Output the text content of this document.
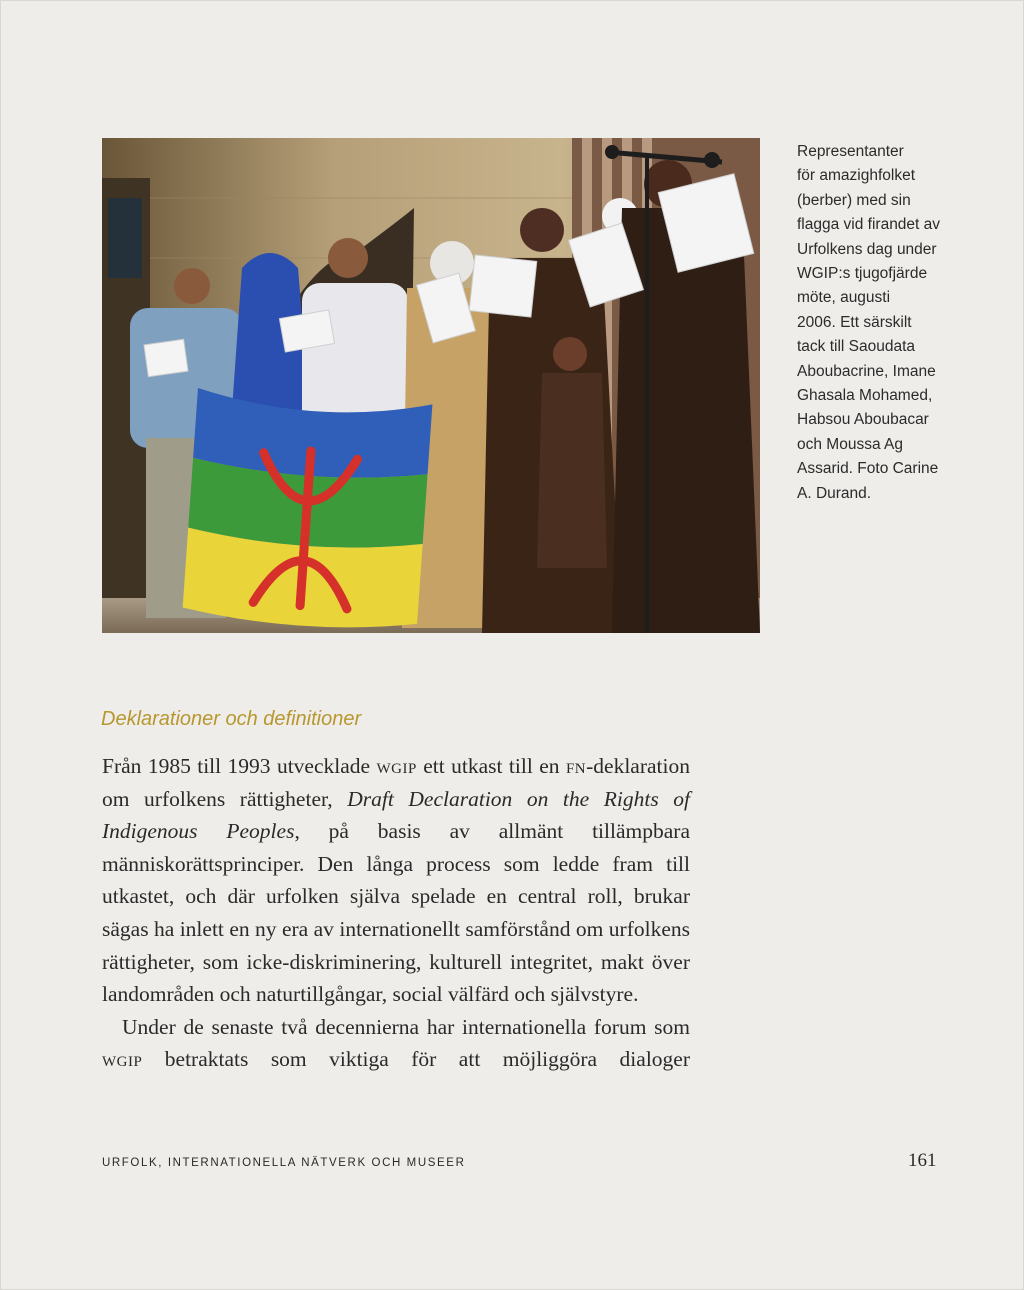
Representanter
för amazighfolket
(berber) med sin
flagga vid firandet av
Urfolkens dag under
WGIP:s tjugofjärde
möte, augusti
2006. Ett särskilt
tack till Saoudata
Aboubacrine, Imane
Ghasala Mohamed,
Habsou Aboubacar
och Moussa Ag
Assarid. Foto Carine
A. Durand.
Deklarationer och definitioner

Från 1985 till 1993 utvecklade wgip ett utkast till en fn-deklaration om urfolkens rättigheter, Draft Declaration on the Rights of Indigenous Peoples, på basis av allmänt tillämpbara människorättsprinciper. Den långa process som ledde fram till utkastet, och där urfolken själva spelade en central roll, brukar sägas ha inlett en ny era av internationellt samförstånd om urfolkens rättigheter, som icke-diskriminering, kulturell integritet, makt över landområden och naturtillgångar, social välfärd och självstyre.

Under de senaste två decennierna har internationella forum som wgip betraktats som viktiga för att möjliggöra dialoger

URFOLK, INTERNATIONELLA NÄTVERK OCH MUSEER	161
